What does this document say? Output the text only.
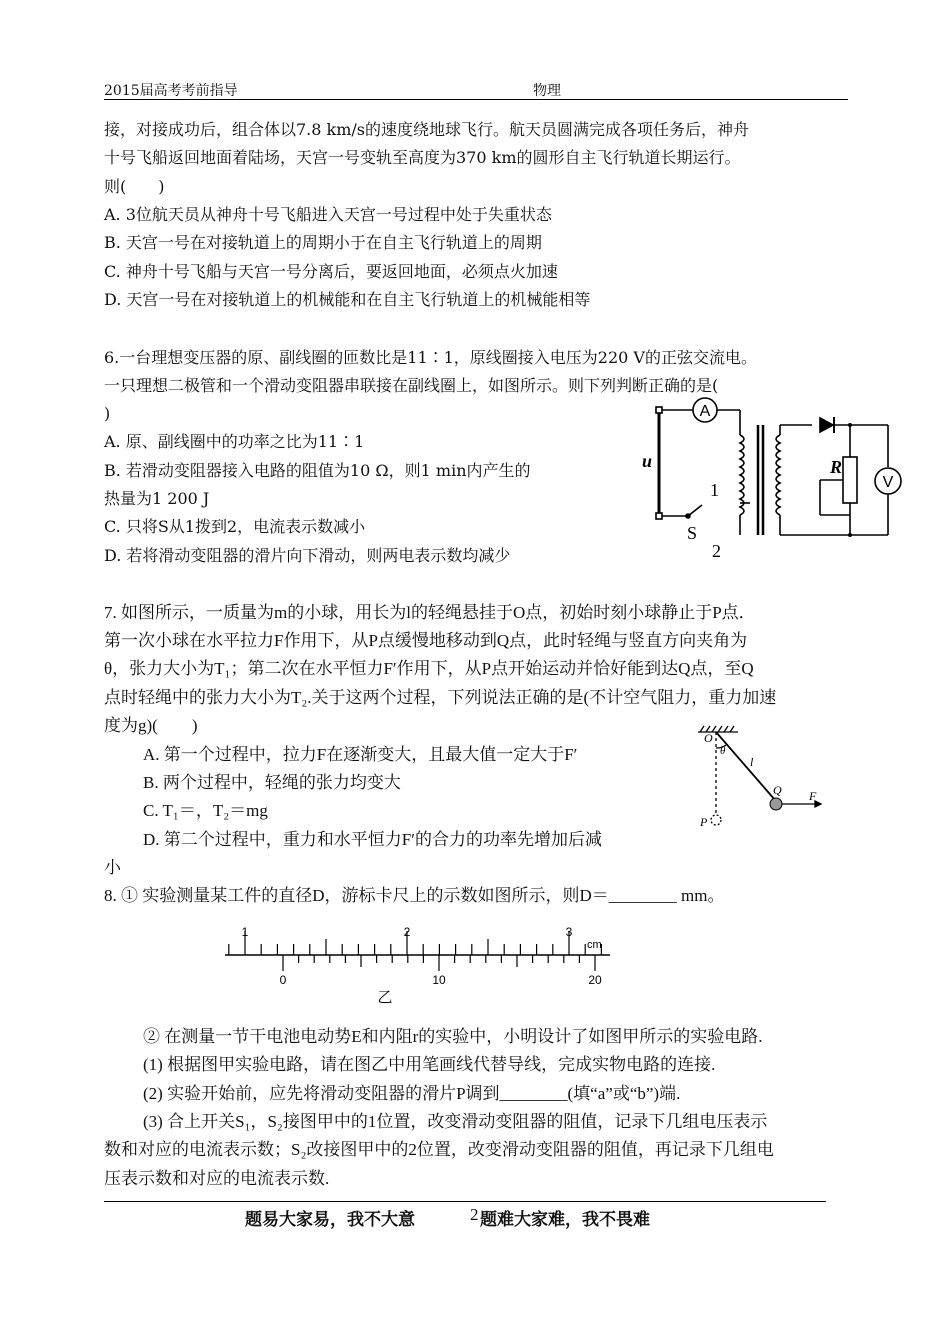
2015届高考考前指导	物理
接，对接成功后，组合体以7.8 km/s的速度绕地球飞行。航天员圆满完成各项任务后，神舟
十号飞船返回地面着陆场，天宫一号变轨至高度为370 km的圆形自主飞行轨道长期运行。
则(　　)
A. 3位航天员从神舟十号飞船进入天宫一号过程中处于失重状态
B. 天宫一号在对接轨道上的周期小于在自主飞行轨道上的周期
C. 神舟十号飞船与天宫一号分离后，要返回地面，必须点火加速
D. 天宫一号在对接轨道上的机械能和在自主飞行轨道上的机械能相等
6.一台理想变压器的原、副线圈的匝数比是11∶1，原线圈接入电压为220 V的正弦交流电。
一只理想二极管和一个滑动变阻器串联接在副线圈上，如图所示。则下列判断正确的是(
)
A. 原、副线圈中的功率之比为11∶1
B. 若滑动变阻器接入电路的阻值为10 Ω，则1 min内产生的
热量为1 200 J
C. 只将S从1拨到2，电流表示数减小
D. 若将滑动变阻器的滑片向下滑动，则两电表示数均减少
A
V
u	R
S
1
2
7. 如图所示，一质量为m的小球，用长为l的轻绳悬挂于O点，初始时刻小球静止于P点．
第一次小球在水平拉力F作用下，从P点缓慢地移动到Q点，此时轻绳与竖直方向夹角为
θ，张力大小为T₁；第二次在水平恒力F′作用下，从P点开始运动并恰好能到达Q点，至Q
点时轻绳中的张力大小为T₂.关于这两个过程，下列说法正确的是(不计空气阻力，重力加速
度为g)(　　)
A. 第一个过程中，拉力F在逐渐变大，且最大值一定大于F′
B. 两个过程中，轻绳的张力均变大
C. T₁＝，T₂＝mg
D. 第二个过程中，重力和水平恒力F′的合力的功率先增加后减
小
O
θ
l
Q F
P
8. ① 实验测量某工件的直径D，游标卡尺上的示数如图所示，则D＝________ mm。
1	2	3
cm
0	10	20
乙
② 在测量一节干电池电动势E和内阻r的实验中，小明设计了如图甲所示的实验电路.
(1) 根据图甲实验电路，请在图乙中用笔画线代替导线，完成实物电路的连接.
(2) 实验开始前，应先将滑动变阻器的滑片P调到________(填“a”或“b”)端.
(3) 合上开关S₁，S₂接图甲中的1位置，改变滑动变阻器的阻值，记录下几组电压表示
数和对应的电流表示数；S₂改接图甲中的2位置，改变滑动变阻器的阻值，再记录下几组电
压表示数和对应的电流表示数.
题易大家易，我不大意	2 题难大家难，我不畏难
